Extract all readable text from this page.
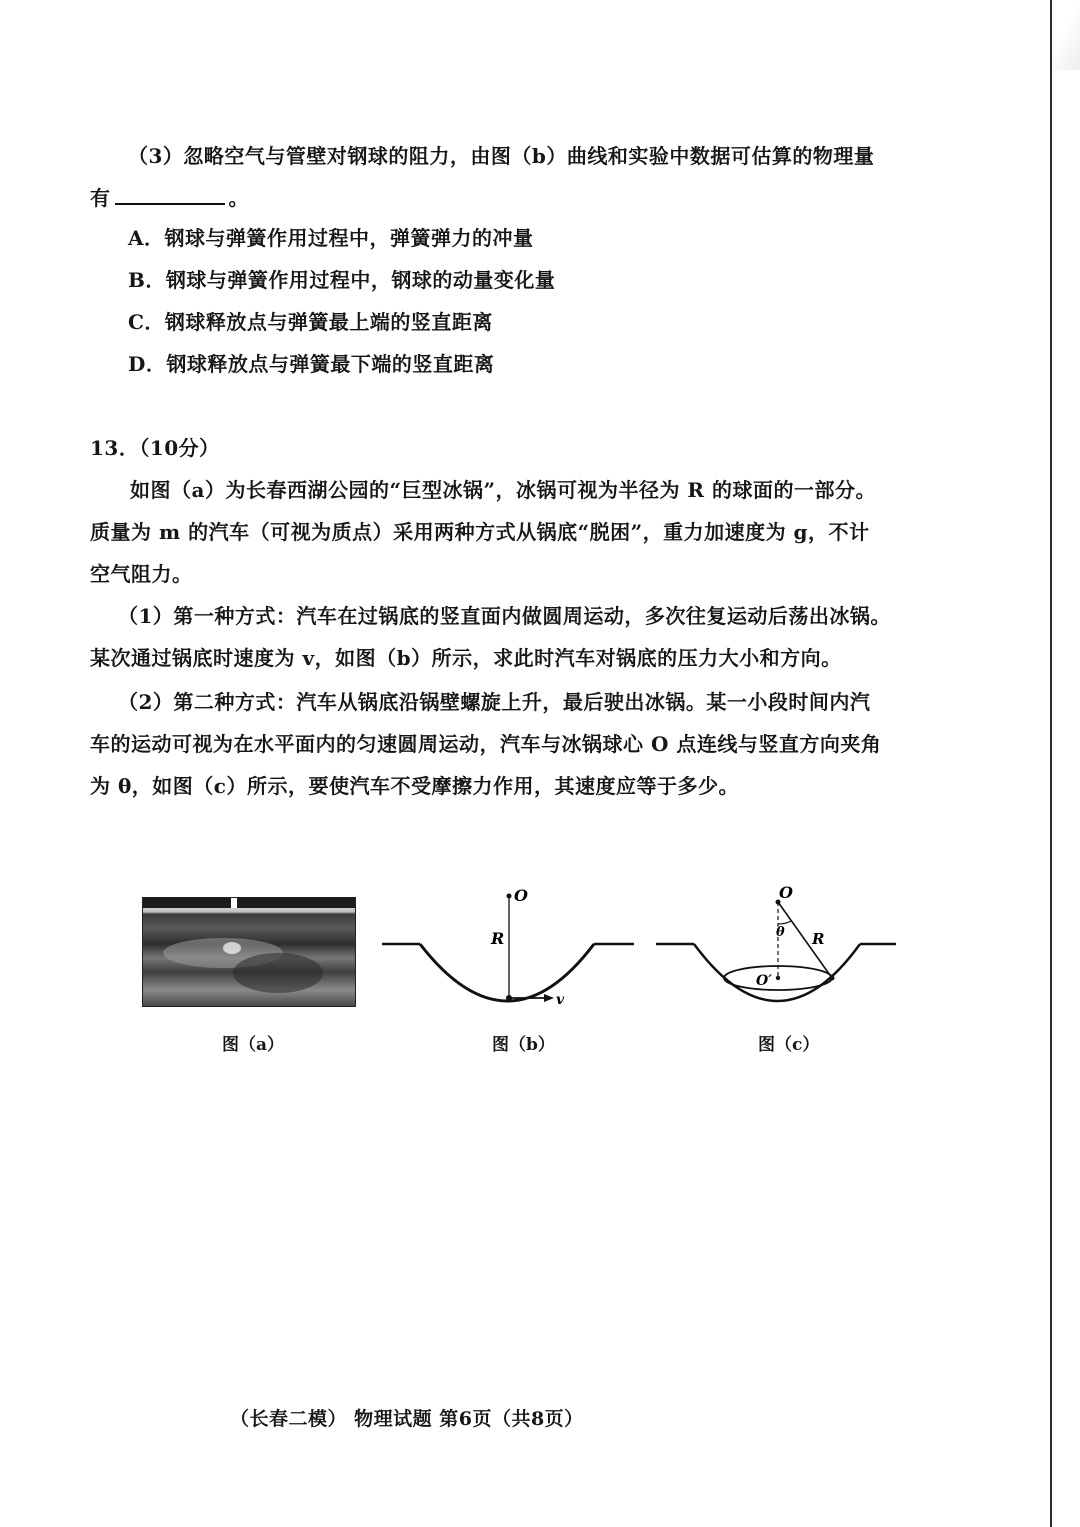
（3）忽略空气与管壁对钢球的阻力，由图（b）曲线和实验中数据可估算的物理量
有	。
A．钢球与弹簧作用过程中，弹簧弹力的冲量
B．钢球与弹簧作用过程中，钢球的动量变化量
C．钢球释放点与弹簧最上端的竖直距离
D．钢球释放点与弹簧最下端的竖直距离
13．（10分）
如图（a）为长春西湖公园的“巨型冰锅”，冰锅可视为半径为 R 的球面的一部分。
质量为 m 的汽车（可视为质点）采用两种方式从锅底“脱困”，重力加速度为 g，不计
空气阻力。
（1）第一种方式：汽车在过锅底的竖直面内做圆周运动，多次往复运动后荡出冰锅。
某次通过锅底时速度为 v，如图（b）所示，求此时汽车对锅底的压力大小和方向。
（2）第二种方式：汽车从锅底沿锅壁螺旋上升，最后驶出冰锅。某一小段时间内汽
车的运动可视为在水平面内的匀速圆周运动，汽车与冰锅球心 O 点连线与竖直方向夹角
为 θ，如图（c）所示，要使汽车不受摩擦力作用，其速度应等于多少。
图（a）
O
R
v
图（b）
O
θ R
O′
图（c）
（长春二模） 物理试题 第6页（共8页）
